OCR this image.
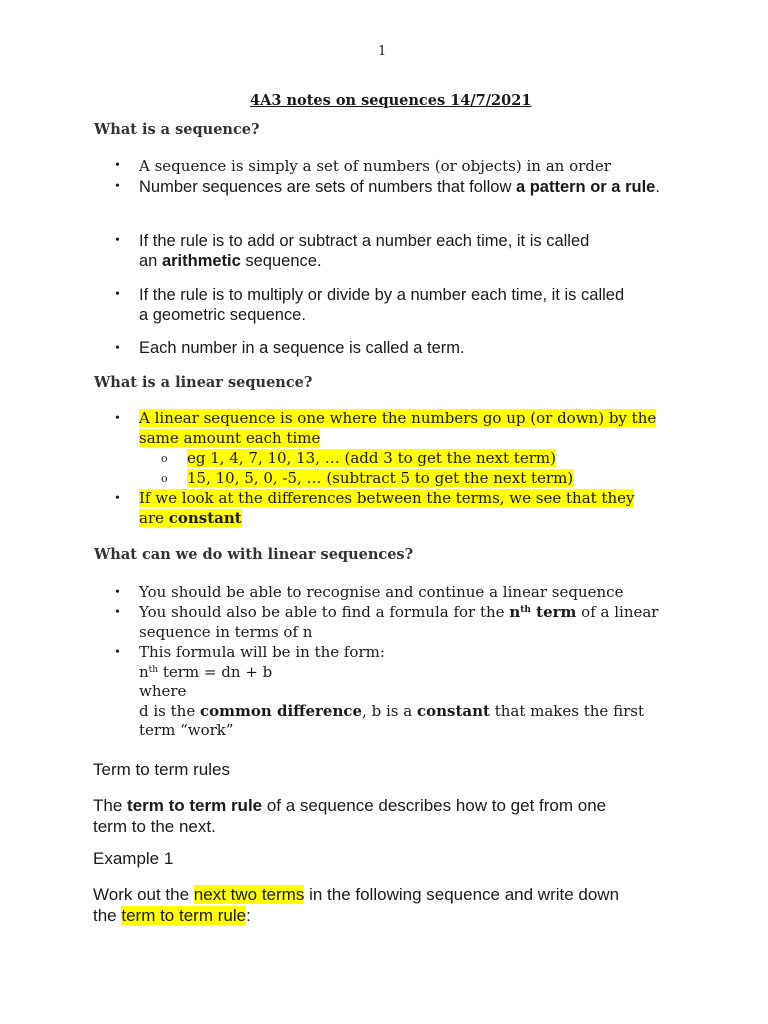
1
4A3 notes on sequences 14/7/2021
What is a sequence?
•	A sequence is simply a set of numbers (or objects) in an order
•	Number sequences are sets of numbers that follow a pattern or a rule.
•	If the rule is to add or subtract a number each time, it is called
an arithmetic sequence.
•	If the rule is to multiply or divide by a number each time, it is called
a geometric sequence.
•	Each number in a sequence is called a term.
What is a linear sequence?
•	A linear sequence is one where the numbers go up (or down) by the
same amount each time
o eg 1, 4, 7, 10, 13, … (add 3 to get the next term)
o 15, 10, 5, 0, -5, … (subtract 5 to get the next term)
•	If we look at the differences between the terms, we see that they
are constant
What can we do with linear sequences?
•	You should be able to recognise and continue a linear sequence
•	You should also be able to find a formula for the $n^{th}$ term of a linear
sequence in terms of n
•	This formula will be in the form:
$n^{th}$ term = dn + b
where
d is the common difference, b is a constant that makes the first
term “work”
Term to term rules
The term to term rule of a sequence describes how to get from one
term to the next.
Example 1
Work out the next two terms in the following sequence and write down
the term to term rule:
